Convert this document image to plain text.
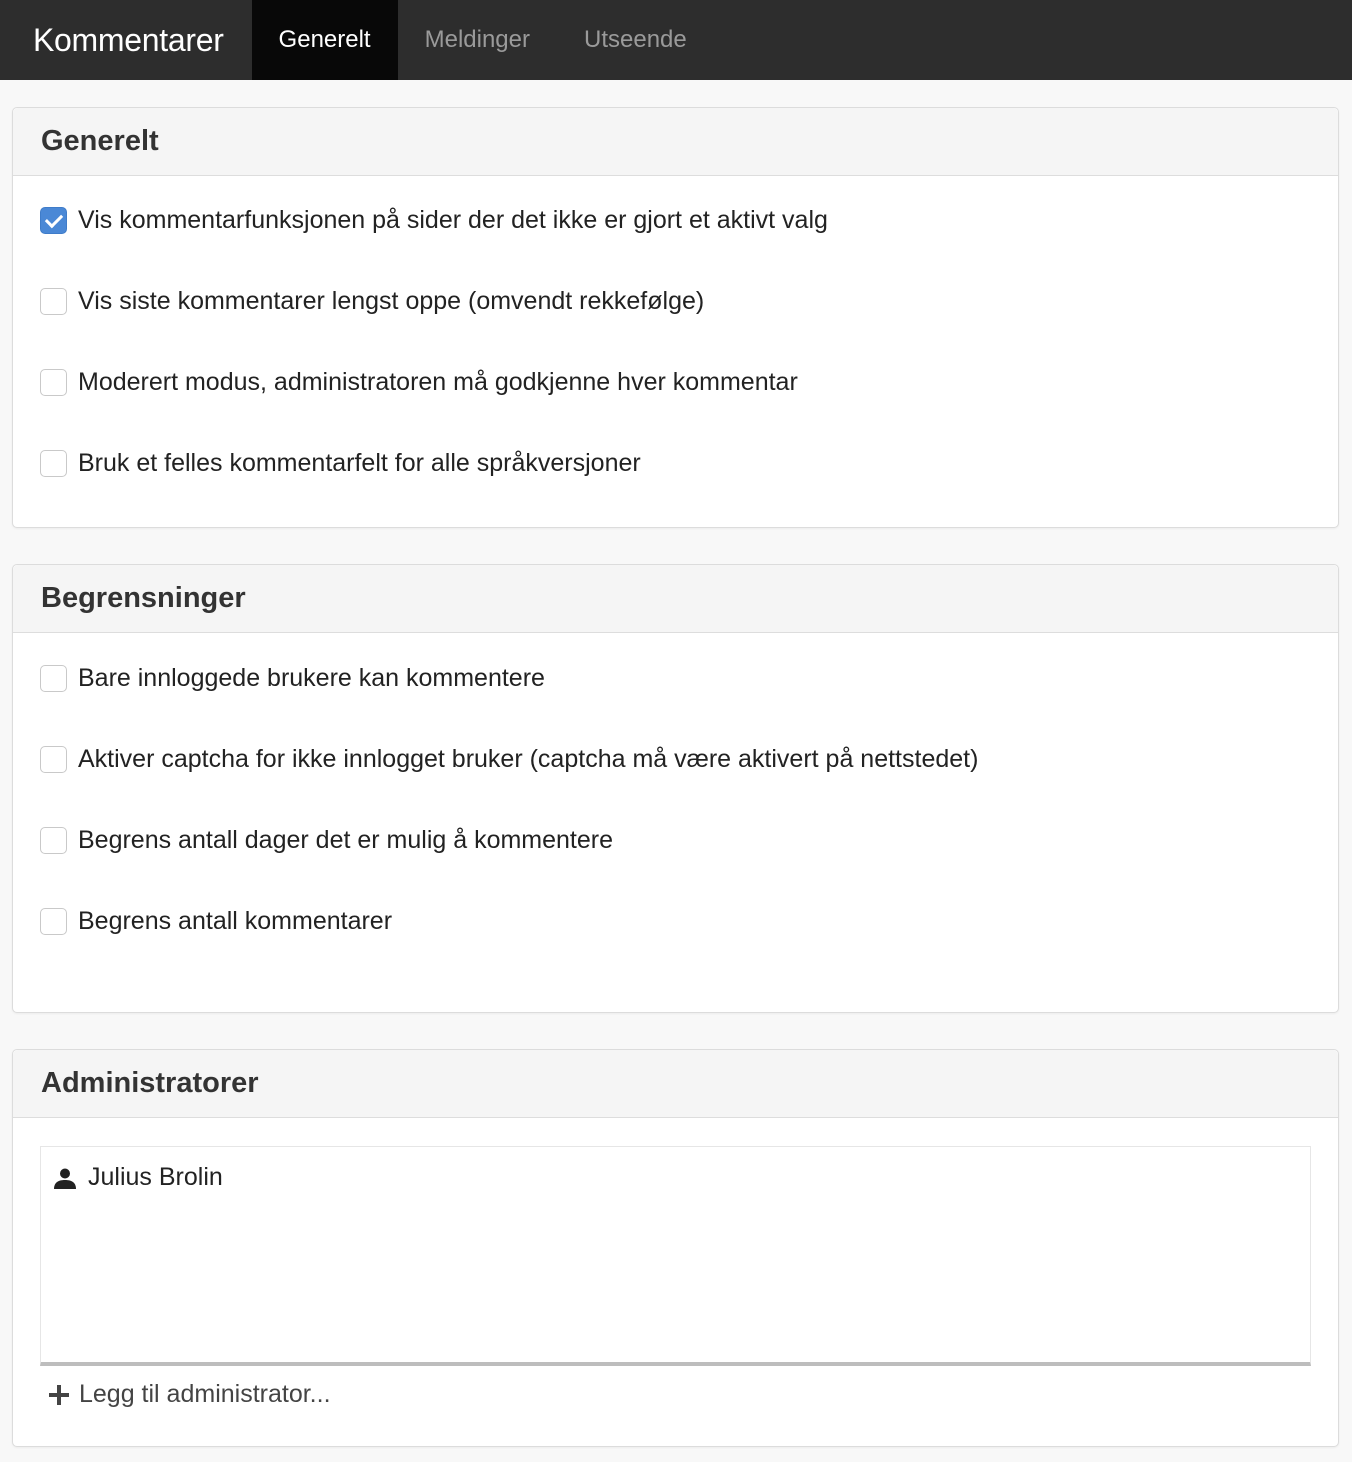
Kommentarer	Generelt	Meldinger	Utseende
Generelt
Vis kommentarfunksjonen på sider der det ikke er gjort et aktivt valg
Vis siste kommentarer lengst oppe (omvendt rekkefølge)
Moderert modus, administratoren må godkjenne hver kommentar
Bruk et felles kommentarfelt for alle språkversjoner
Begrensninger
Bare innloggede brukere kan kommentere
Aktiver captcha for ikke innlogget bruker (captcha må være aktivert på nettstedet)
Begrens antall dager det er mulig å kommentere
Begrens antall kommentarer
Administratorer
Julius Brolin
Legg til administrator...
